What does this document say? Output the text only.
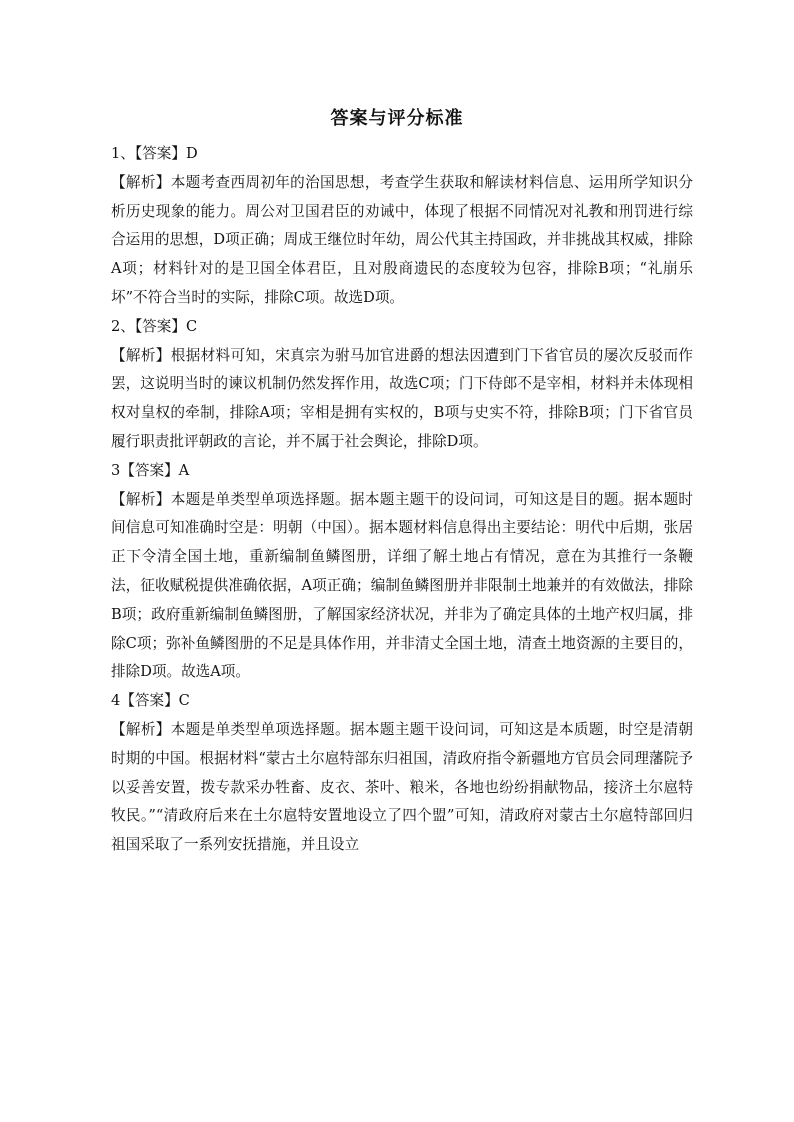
答案与评分标准

1、【答案】D

【解析】本题考查西周初年的治国思想，考查学生获取和解读材料信息、运用所学知识分析历史现象的能力。周公对卫国君臣的劝诫中，体现了根据不同情况对礼教和刑罚进行综合运用的思想，D项正确；周成王继位时年幼，周公代其主持国政，并非挑战其权威，排除A项；材料针对的是卫国全体君臣，且对殷商遗民的态度较为包容，排除B项；“礼崩乐坏”不符合当时的实际，排除C项。故选D项。

2、【答案】C

【解析】根据材料可知，宋真宗为驸马加官进爵的想法因遭到门下省官员的屡次反驳而作罢，这说明当时的谏议机制仍然发挥作用，故选C项；门下侍郎不是宰相，材料并未体现相权对皇权的牵制，排除A项；宰相是拥有实权的，B项与史实不符，排除B项；门下省官员履行职责批评朝政的言论，并不属于社会舆论，排除D项。

3【答案】A

【解析】本题是单类型单项选择题。据本题主题干的设问词，可知这是目的题。据本题时间信息可知准确时空是：明朝（中国）。据本题材料信息得出主要结论：明代中后期，张居正下令清全国土地，重新编制鱼鳞图册，详细了解土地占有情况，意在为其推行一条鞭法，征收赋税提供准确依据，A项正确；编制鱼鳞图册并非限制土地兼并的有效做法，排除B项；政府重新编制鱼鳞图册，了解国家经济状况，并非为了确定具体的土地产权归属，排除C项；弥补鱼鳞图册的不足是具体作用，并非清丈全国土地，清查土地资源的主要目的，排除D项。故选A项。

4【答案】C

【解析】本题是单类型单项选择题。据本题主题干设问词，可知这是本质题，时空是清朝时期的中国。根据材料“蒙古土尔扈特部东归祖国，清政府指令新疆地方官员会同理藩院予以妥善安置，拨专款采办牲畜、皮衣、茶叶、粮米，各地也纷纷捐献物品，接济土尔扈特牧民。”“清政府后来在土尔扈特安置地设立了四个盟”可知，清政府对蒙古土尔扈特部回归祖国采取了一系列安抚措施，并且设立
